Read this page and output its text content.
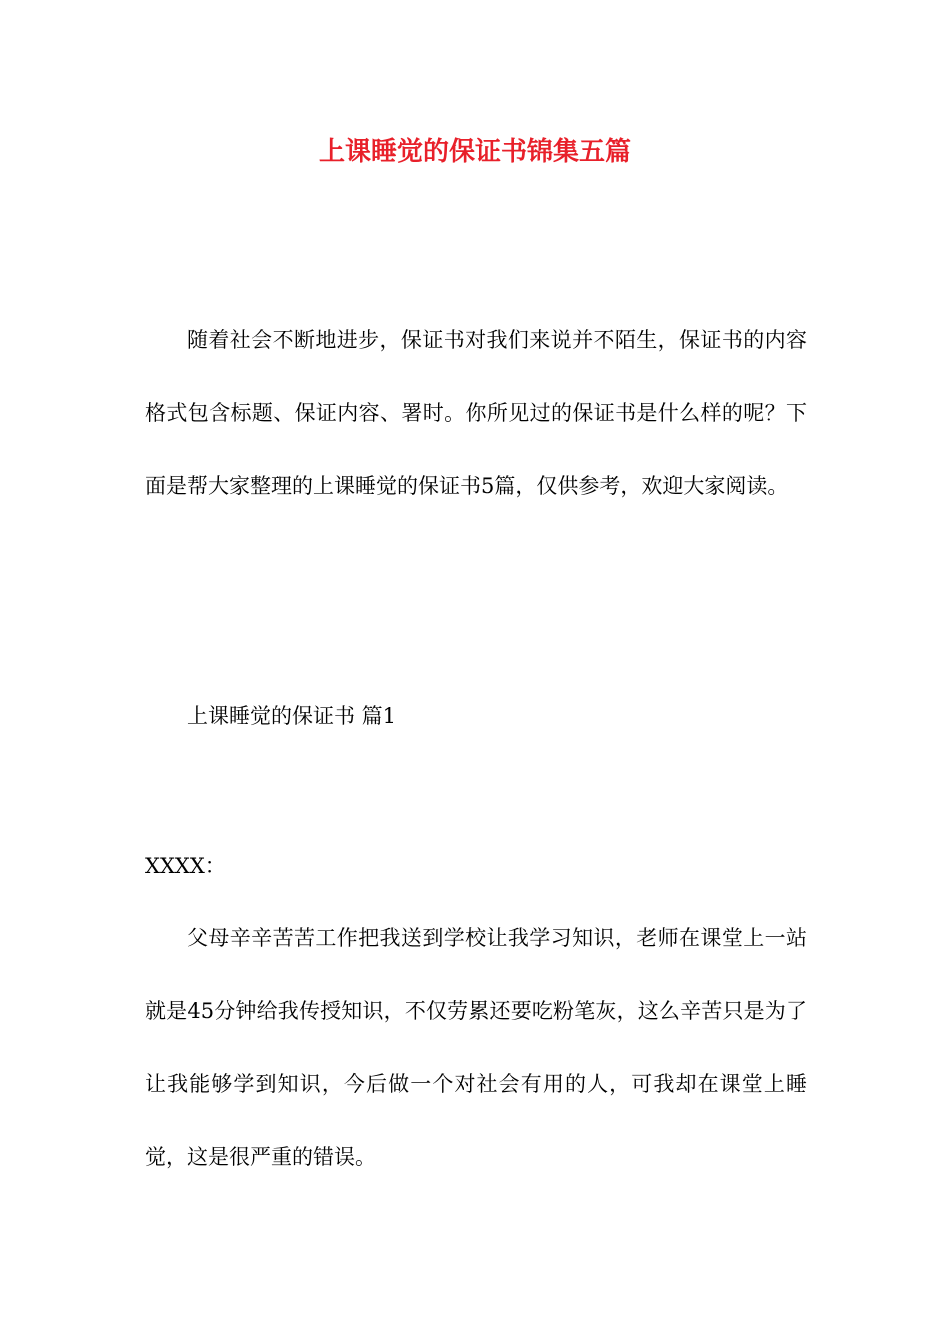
上课睡觉的保证书锦集五篇

随着社会不断地进步，保证书对我们来说并不陌生，保证书的内容格式包含标题、保证内容、署时。你所见过的保证书是什么样的呢？下面是帮大家整理的上课睡觉的保证书5篇，仅供参考，欢迎大家阅读。

上课睡觉的保证书 篇1

XXXX：

父母辛辛苦苦工作把我送到学校让我学习知识，老师在课堂上一站就是45分钟给我传授知识，不仅劳累还要吃粉笔灰，这么辛苦只是为了让我能够学到知识，今后做一个对社会有用的人，可我却在课堂上睡觉，这是很严重的错误。
